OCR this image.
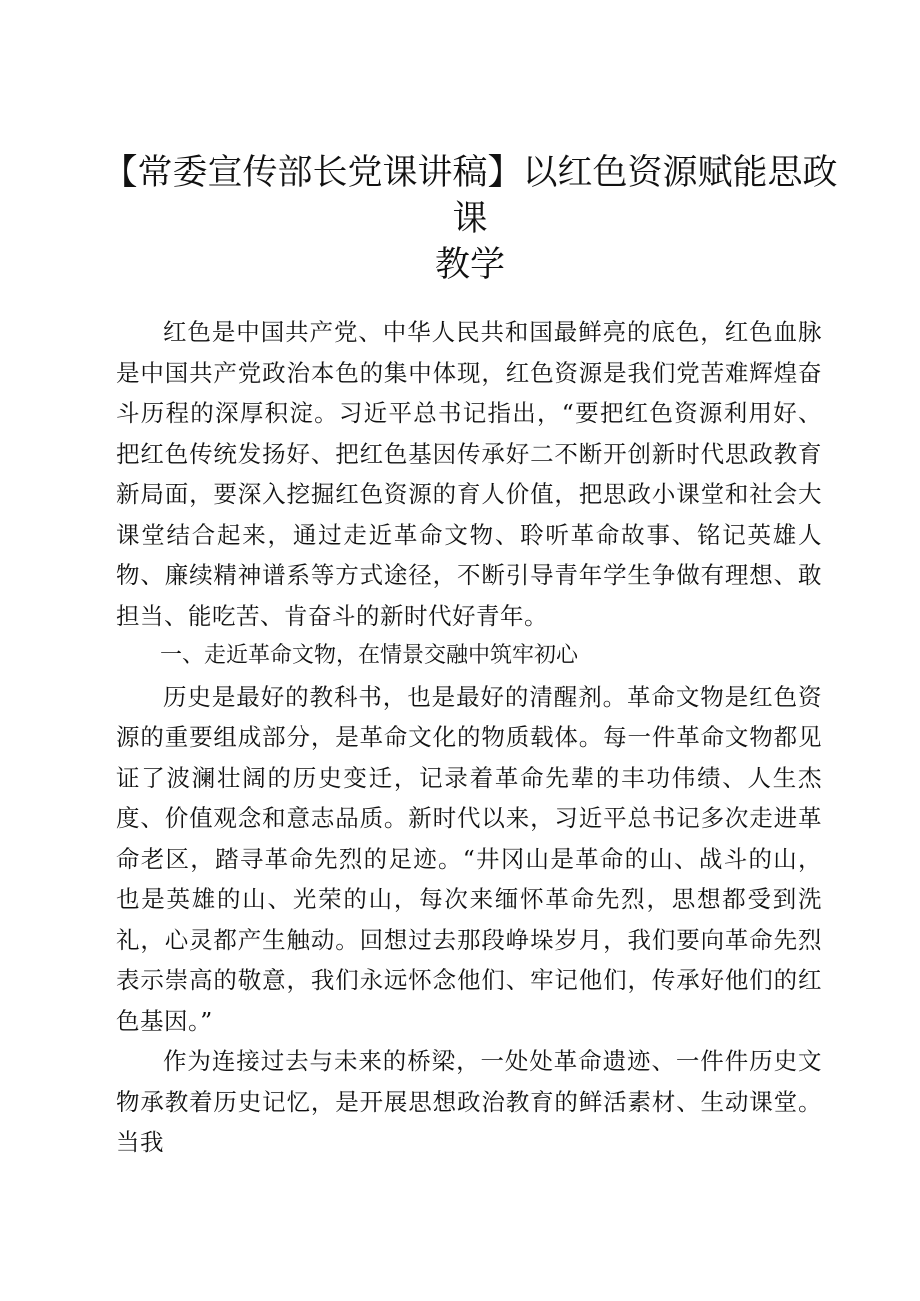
【常委宣传部长党课讲稿】以红色资源赋能思政课
教学

红色是中国共产党、中华人民共和国最鲜亮的底色，红色血脉是中国共产党政治本色的集中体现，红色资源是我们党苦难辉煌奋斗历程的深厚积淀。习近平总书记指出，“要把红色资源利用好、把红色传统发扬好、把红色基因传承好二不断开创新时代思政教育新局面，要深入挖掘红色资源的育人价值，把思政小课堂和社会大课堂结合起来，通过走近革命文物、聆听革命故事、铭记英雄人物、廉续精神谱系等方式途径，不断引导青年学生争做有理想、敢担当、能吃苦、肯奋斗的新时代好青年。

一、走近革命文物，在情景交融中筑牢初心

历史是最好的教科书，也是最好的清醒剂。革命文物是红色资源的重要组成部分，是革命文化的物质载体。每一件革命文物都见证了波澜壮阔的历史变迁，记录着革命先辈的丰功伟绩、人生杰度、价值观念和意志品质。新时代以来，习近平总书记多次走进革命老区，踏寻革命先烈的足迹。“井冈山是革命的山、战斗的山，也是英雄的山、光荣的山，每次来缅怀革命先烈，思想都受到洗礼，心灵都产生触动。回想过去那段峥垛岁月，我们要向革命先烈表示崇高的敬意，我们永远怀念他们、牢记他们，传承好他们的红色基因。”

作为连接过去与未来的桥梁，一处处革命遗迹、一件件历史文物承教着历史记忆，是开展思想政治教育的鲜活素材、生动课堂。当我
